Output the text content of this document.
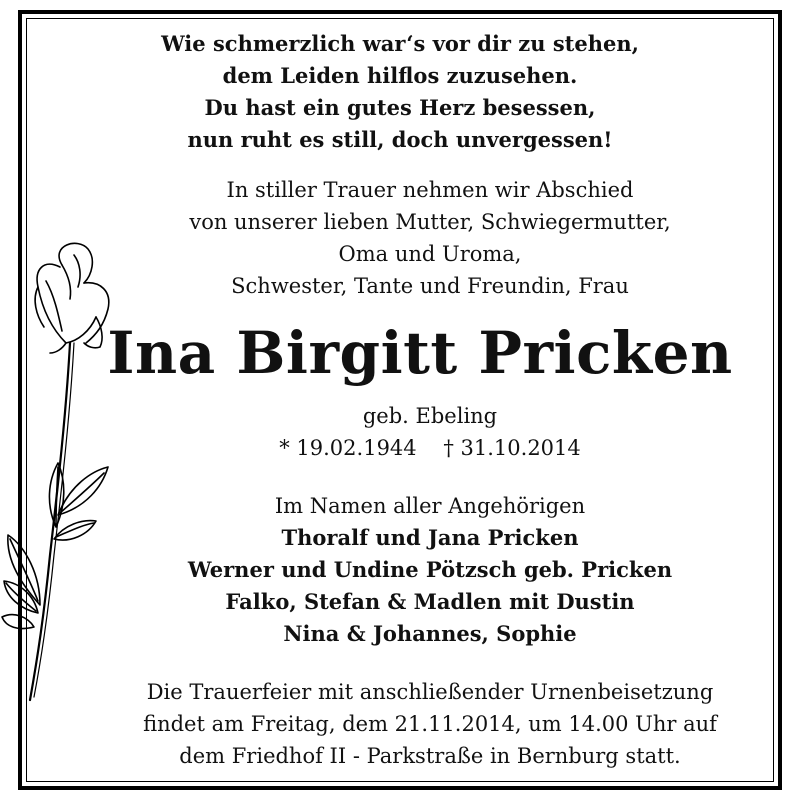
Wie schmerzlich war‘s vor dir zu stehen,
dem Leiden hilflos zuzusehen.
Du hast ein gutes Herz besessen,
nun ruht es still, doch unvergessen!
In stiller Trauer nehmen wir Abschied
von unserer lieben Mutter, Schwiegermutter,
Oma und Uroma,
Schwester, Tante und Freundin, Frau
Ina Birgitt Pricken
geb. Ebeling
* 19.02.1944    † 31.10.2014
Im Namen aller Angehörigen
Thoralf und Jana Pricken
Werner und Undine Pötzsch geb. Pricken
Falko, Stefan & Madlen mit Dustin
Nina & Johannes, Sophie
Die Trauerfeier mit anschließender Urnenbeisetzung
findet am Freitag, dem 21.11.2014, um 14.00 Uhr auf
dem Friedhof II - Parkstraße in Bernburg statt.
